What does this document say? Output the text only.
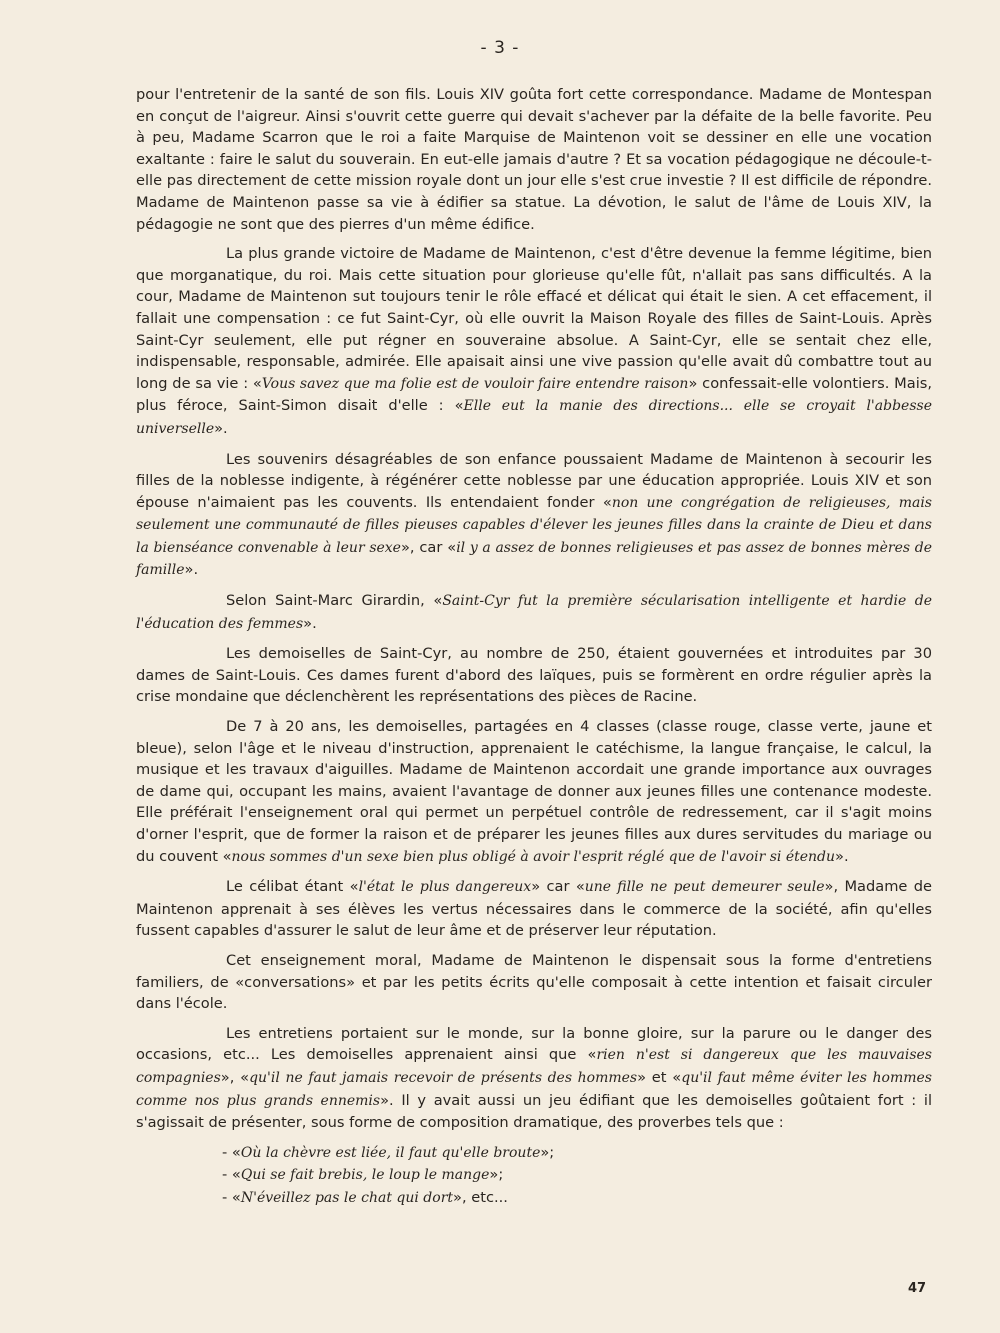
- 3 -

pour l'entretenir de la santé de son fils. Louis XIV goûta fort cette correspondance. Madame de Montespan en conçut de l'aigreur. Ainsi s'ouvrit cette guerre qui devait s'achever par la défaite de la belle favorite. Peu à peu, Madame Scarron que le roi a faite Marquise de Maintenon voit se dessiner en elle une vocation exaltante : faire le salut du souverain. En eut-elle jamais d'autre ? Et sa vocation pédagogique ne découle-t-elle pas directement de cette mission royale dont un jour elle s'est crue investie ? Il est difficile de répondre. Madame de Maintenon passe sa vie à édifier sa statue. La dévotion, le salut de l'âme de Louis XIV, la pédagogie ne sont que des pierres d'un même édifice.

La plus grande victoire de Madame de Maintenon, c'est d'être devenue la femme légitime, bien que morganatique, du roi. Mais cette situation pour glorieuse qu'elle fût, n'allait pas sans difficultés. A la cour, Madame de Maintenon sut toujours tenir le rôle effacé et délicat qui était le sien. A cet effacement, il fallait une compensation : ce fut Saint-Cyr, où elle ouvrit la Maison Royale des filles de Saint-Louis. Après Saint-Cyr seulement, elle put régner en souveraine absolue. A Saint-Cyr, elle se sentait chez elle, indispensable, responsable, admirée. Elle apaisait ainsi une vive passion qu'elle avait dû combattre tout au long de sa vie : «Vous savez que ma folie est de vouloir faire entendre raison» confessait-elle volontiers. Mais, plus féroce, Saint-Simon disait d'elle : «Elle eut la manie des directions... elle se croyait l'abbesse universelle».

Les souvenirs désagréables de son enfance poussaient Madame de Maintenon à secourir les filles de la noblesse indigente, à régénérer cette noblesse par une éducation appropriée. Louis XIV et son épouse n'aimaient pas les couvents. Ils entendaient fonder «non une congrégation de religieuses, mais seulement une communauté de filles pieuses capables d'élever les jeunes filles dans la crainte de Dieu et dans la bienséance convenable à leur sexe», car «il y a assez de bonnes religieuses et pas assez de bonnes mères de famille».

Selon Saint-Marc Girardin, «Saint-Cyr fut la première sécularisation intelligente et hardie de l'éducation des femmes».

Les demoiselles de Saint-Cyr, au nombre de 250, étaient gouvernées et introduites par 30 dames de Saint-Louis. Ces dames furent d'abord des laïques, puis se formèrent en ordre régulier après la crise mondaine que déclenchèrent les représentations des pièces de Racine.

De 7 à 20 ans, les demoiselles, partagées en 4 classes (classe rouge, classe verte, jaune et bleue), selon l'âge et le niveau d'instruction, apprenaient le catéchisme, la langue française, le calcul, la musique et les travaux d'aiguilles. Madame de Maintenon accordait une grande importance aux ouvrages de dame qui, occupant les mains, avaient l'avantage de donner aux jeunes filles une contenance modeste. Elle préférait l'enseignement oral qui permet un perpétuel contrôle de redressement, car il s'agit moins d'orner l'esprit, que de former la raison et de préparer les jeunes filles aux dures servitudes du mariage ou du couvent «nous sommes d'un sexe bien plus obligé à avoir l'esprit réglé que de l'avoir si étendu».

Le célibat étant «l'état le plus dangereux» car «une fille ne peut demeurer seule», Madame de Maintenon apprenait à ses élèves les vertus nécessaires dans le commerce de la société, afin qu'elles fussent capables d'assurer le salut de leur âme et de préserver leur réputation.

Cet enseignement moral, Madame de Maintenon le dispensait sous la forme d'entretiens familiers, de «conversations» et par les petits écrits qu'elle composait à cette intention et faisait circuler dans l'école.

Les entretiens portaient sur le monde, sur la bonne gloire, sur la parure ou le danger des occasions, etc... Les demoiselles apprenaient ainsi que «rien n'est si dangereux que les mauvaises compagnies», «qu'il ne faut jamais recevoir de présents des hommes» et «qu'il faut même éviter les hommes comme nos plus grands ennemis». Il y avait aussi un jeu édifiant que les demoiselles goûtaient fort : il s'agissait de présenter, sous forme de composition dramatique, des proverbes tels que :

- «Où la chèvre est liée, il faut qu'elle broute»;
- «Qui se fait brebis, le loup le mange»;
- «N'éveillez pas le chat qui dort», etc...
47
